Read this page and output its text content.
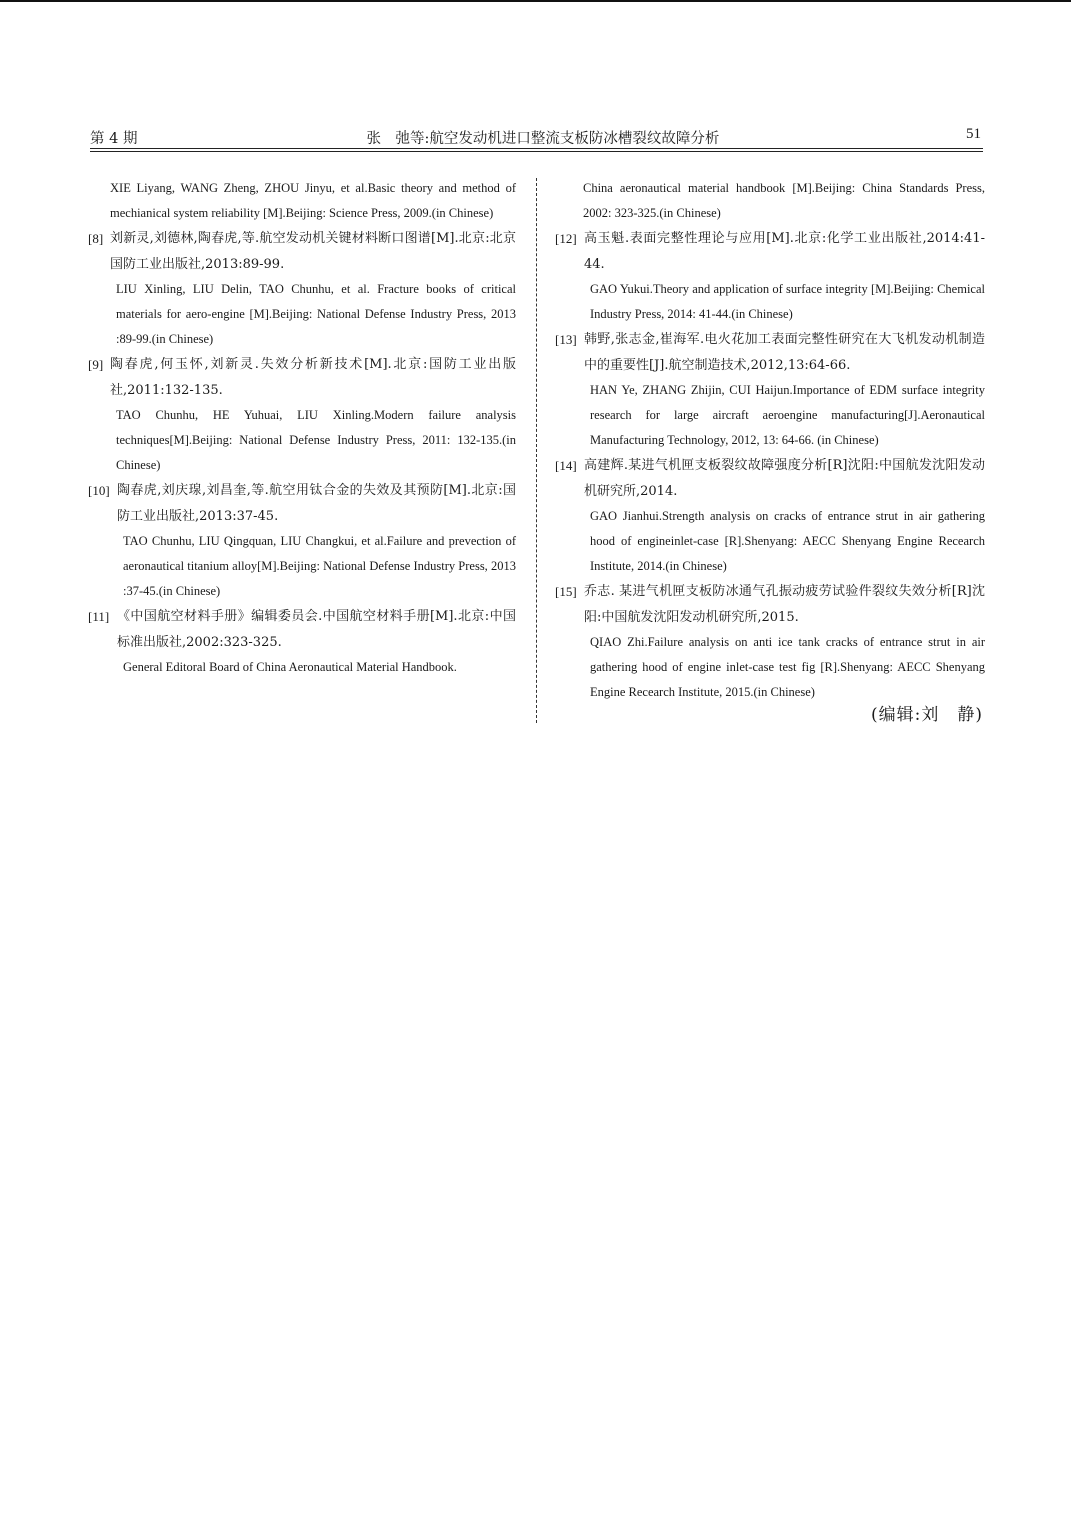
第 4 期	张　弛等:航空发动机进口整流支板防冰槽裂纹故障分析	51
XIE Liyang, WANG Zheng, ZHOU Jinyu, et al.Basic theory and method of mechianical system reliability [M].Beijing: Science Press, 2009.(in Chinese)
[8] 刘新灵,刘德林,陶春虎,等.航空发动机关键材料断口图谱[M].北京:北京国防工业出版社,2013:89-99.
LIU Xinling, LIU Delin, TAO Chunhu, et al. Fracture books of critical materials for aero-engine [M].Beijing: National Defense Industry Press, 2013 :89-99.(in Chinese)
[9] 陶春虎,何玉怀,刘新灵.失效分析新技术[M].北京:国防工业出版社,2011:132-135.
TAO Chunhu, HE Yuhuai, LIU Xinling.Modern failure analysis techniques[M].Beijing: National Defense Industry Press, 2011: 132-135.(in Chinese)
[10] 陶春虎,刘庆瑔,刘昌奎,等.航空用钛合金的失效及其预防[M].北京:国防工业出版社,2013:37-45.
TAO Chunhu, LIU Qingquan, LIU Changkui, et al.Failure and prevection of aeronautical titanium alloy[M].Beijing: National Defense Industry Press, 2013 :37-45.(in Chinese)
[11] 《中国航空材料手册》编辑委员会.中国航空材料手册[M].北京:中国标准出版社,2002:323-325.
General Editoral Board of China Aeronautical Material Handbook.
China aeronautical material handbook [M].Beijing: China Standards Press, 2002: 323-325.(in Chinese)
[12] 高玉魁.表面完整性理论与应用[M].北京:化学工业出版社,2014:41-44.
GAO Yukui.Theory and application of surface integrity [M].Beijing: Chemical Industry Press, 2014: 41-44.(in Chinese)
[13] 韩野,张志金,崔海军.电火花加工表面完整性研究在大飞机发动机制造中的重要性[J].航空制造技术,2012,13:64-66.
HAN Ye, ZHANG Zhijin, CUI Haijun.Importance of EDM surface integrity research for large aircraft aeroengine manufacturing[J].Aeronautical Manufacturing Technology, 2012, 13: 64-66. (in Chinese)
[14] 高建辉.某进气机匣支板裂纹故障强度分析[R]沈阳:中国航发沈阳发动机研究所,2014.
GAO Jianhui.Strength analysis on cracks of entrance strut in air gathering hood of engineinlet-case [R].Shenyang: AECC Shenyang Engine Recearch Institute, 2014.(in Chinese)
[15] 乔志. 某进气机匣支板防冰通气孔振动疲劳试验件裂纹失效分析[R]沈阳:中国航发沈阳发动机研究所,2015.
QIAO Zhi.Failure analysis on anti ice tank cracks of entrance strut in air gathering hood of engine inlet-case test fig [R].Shenyang: AECC Shenyang Engine Recearch Institute, 2015.(in Chinese)
(编辑:刘　静)
